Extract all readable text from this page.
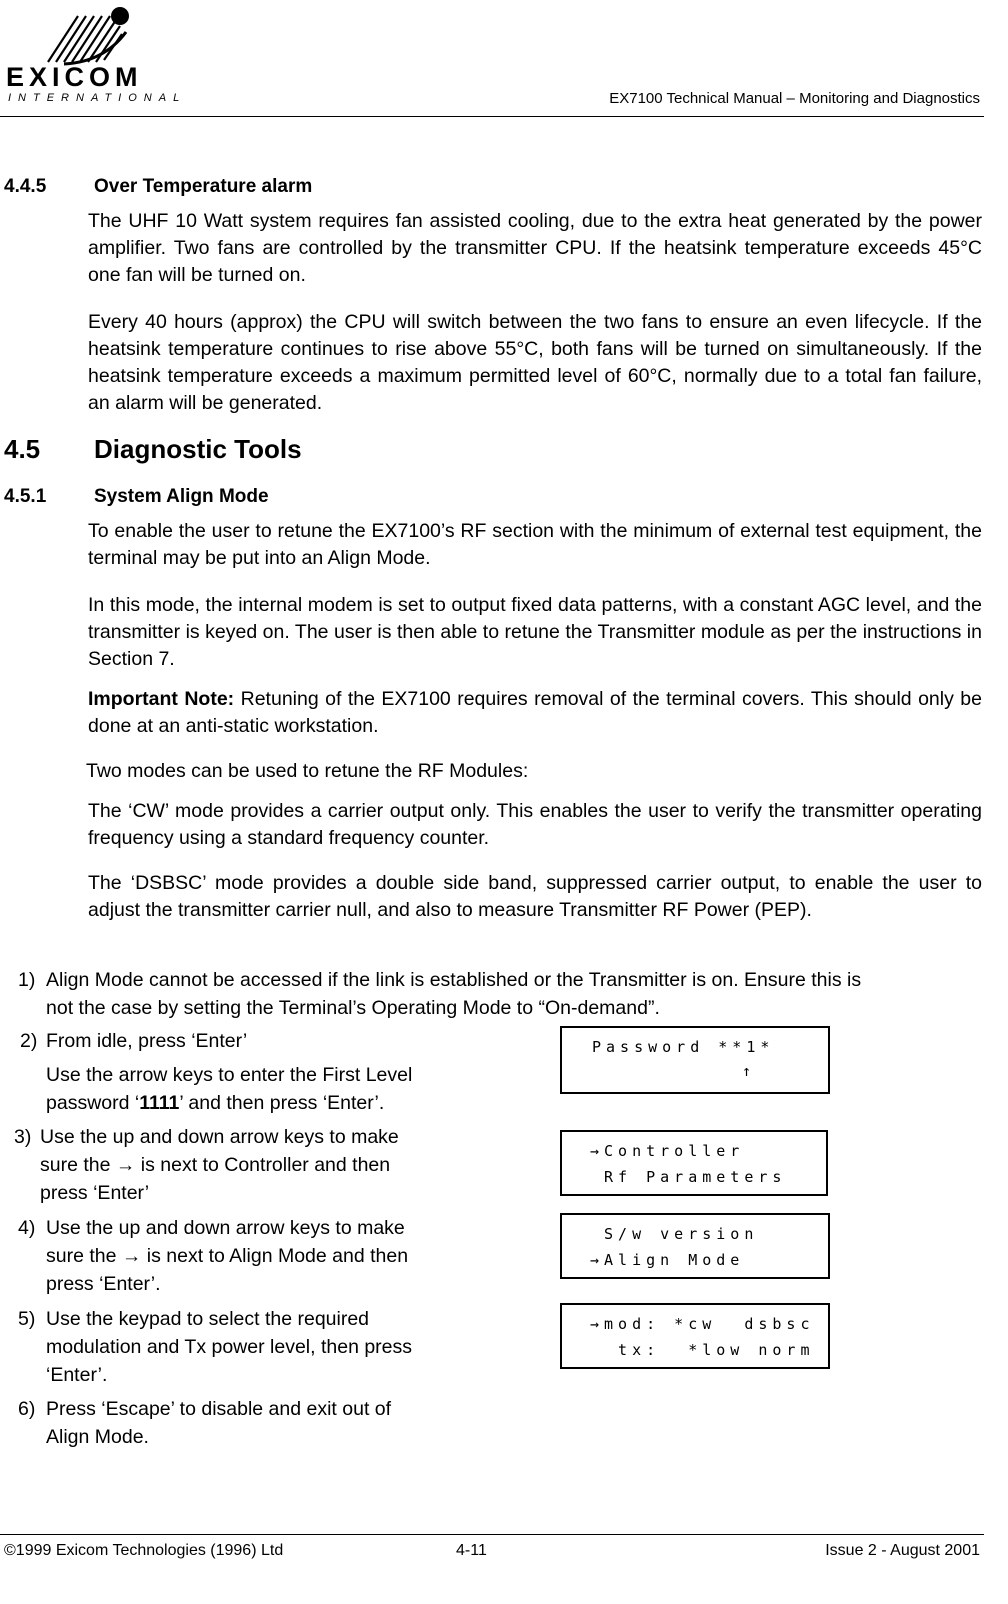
EXICOM
INTERNATIONAL	EX7100 Technical Manual – Monitoring and Diagnostics
4.4.5	Over Temperature alarm
The UHF 10 Watt system requires fan assisted cooling, due to the extra heat generated by the power amplifier. Two fans are controlled by the transmitter CPU. If the heatsink temperature exceeds 45°C one fan will be turned on.
Every 40 hours (approx) the CPU will switch between the two fans to ensure an even lifecycle. If the heatsink temperature continues to rise above 55°C, both fans will be turned on simultaneously. If the heatsink temperature exceeds a maximum permitted level of 60°C, normally due to a total fan failure, an alarm will be generated.
4.5 Diagnostic Tools
4.5.1	System Align Mode
To enable the user to retune the EX7100’s RF section with the minimum of external test equipment, the terminal may be put into an Align Mode.
In this mode, the internal modem is set to output fixed data patterns, with a constant AGC level, and the transmitter is keyed on. The user is then able to retune the Transmitter module as per the instructions in Section 7.
Important Note: Retuning of the EX7100 requires removal of the terminal covers. This should only be done at an anti-static workstation.
Two modes can be used to retune the RF Modules:
The ‘CW’ mode provides a carrier output only. This enables the user to verify the transmitter operating frequency using a standard frequency counter.
The ‘DSBSC’ mode provides a double side band, suppressed carrier output, to enable the user to adjust the transmitter carrier null, and also to measure Transmitter RF Power (PEP).
1) Align Mode cannot be accessed if the link is established or the Transmitter is on. Ensure this is
not the case by setting the Terminal’s Operating Mode to “On-demand”.
2) From idle, press ‘Enter’
Use the arrow keys to enter the First Level
password ‘1111’ and then press ‘Enter’.
3) Use the up and down arrow keys to make
sure the → is next to Controller and then
press ‘Enter’
4) Use the up and down arrow keys to make
sure the → is next to Align Mode and then
press ‘Enter’.
5) Use the keypad to select the required
modulation and Tx power level, then press
‘Enter’.
6) Press ‘Escape’ to disable and exit out of
Align Mode.
Password **1*
↑
→Controller
Rf Parameters
S/w version
→Align Mode
→mod: *cw  dsbsc
tx:  *low norm
©1999 Exicom Technologies (1996) Ltd	4-11	Issue 2 - August 2001
